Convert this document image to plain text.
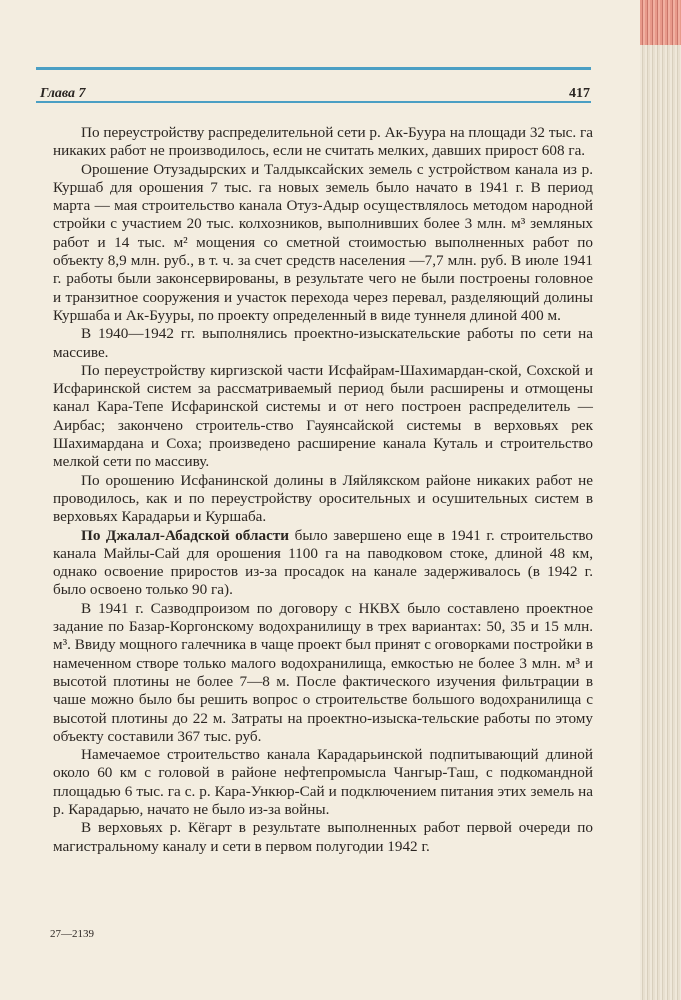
Глава 7	417

По переустройству распределительной сети р. Ак-Буура на площади 32 тыс. га никаких работ не производилось, если не считать мелких, давших прирост 608 га.

Орошение Отузадырских и Талдыксайских земель с устройством канала из р. Куршаб для орошения 7 тыс. га новых земель было начато в 1941 г. В период марта — мая строительство канала Отуз-Адыр осуществлялось методом народной стройки с участием 20 тыс. колхозников, выполнивших более 3 млн. м³ земляных работ и 14 тыс. м² мощения со сметной стоимостью выполненных работ по объекту 8,9 млн. руб., в т. ч. за счет средств населения —7,7 млн. руб. В июле 1941 г. работы были законсервированы, в результате чего не были построены головное и транзитное сооружения и участок перехода через перевал, разделяющий долины Куршаба и Ак-Бууры, по проекту определенный в виде туннеля длиной 400 м.

В 1940—1942 гг. выполнялись проектно-изыскательские работы по сети на массиве.

По переустройству киргизской части Исфайрам-Шахимардан-ской, Сохской и Исфаринской систем за рассматриваемый период были расширены и отмощены канал Кара-Тепе Исфаринской системы и от него построен распределитель — Аирбас; закончено строитель-ство Гауянсайской системы в верховьях рек Шахимардана и Соха; произведено расширение канала Кутaль и строительство мелкой сети по массиву.

По орошению Исфанинской долины в Ляйлякском районе никаких работ не проводилось, как и по переустройству оросительных и осушительных систем в верховьях Карадарьи и Куршаба.

По Джалал-Абадской области было завершено еще в 1941 г. строительство канала Майлы-Сай для орошения 1100 га на паводковом стоке, длиной 48 км, однако освоение приростов из-за просадок на канале задерживалось (в 1942 г. было освоено только 90 га).

В 1941 г. Сазводпроизом по договору с НКВХ было составлено проектное задание по Базар-Коргонскому водохранилищу в трех вариантах: 50, 35 и 15 млн. м³. Ввиду мощного галечника в чаще проект был принят с оговорками постройки в намеченном створе только малого водохранилища, емкостью не более 3 млн. м³ и высотой плотины не более 7—8 м. После фактического изучения фильтрации в чаше можно было бы решить вопрос о строительстве большого водохранилища с высотой плотины до 22 м. Затраты на проектно-изыска-тельские работы по этому объекту составили 367 тыс. руб.

Намечаемое строительство канала Карадарьинской подпитывающий длиной около 60 км с головой в районе нефтепромысла Чангыр-Таш, с подкомандной площадью 6 тыс. га с. р. Кара-Ункюр-Сай и подключением питания этих земель на р. Карадарью, начато не было из-за войны.

В верховьях р. Кёгарт в результате выполненных работ первой очереди по магистральному каналу и сети в первом полугодии 1942 г.

27—2139
